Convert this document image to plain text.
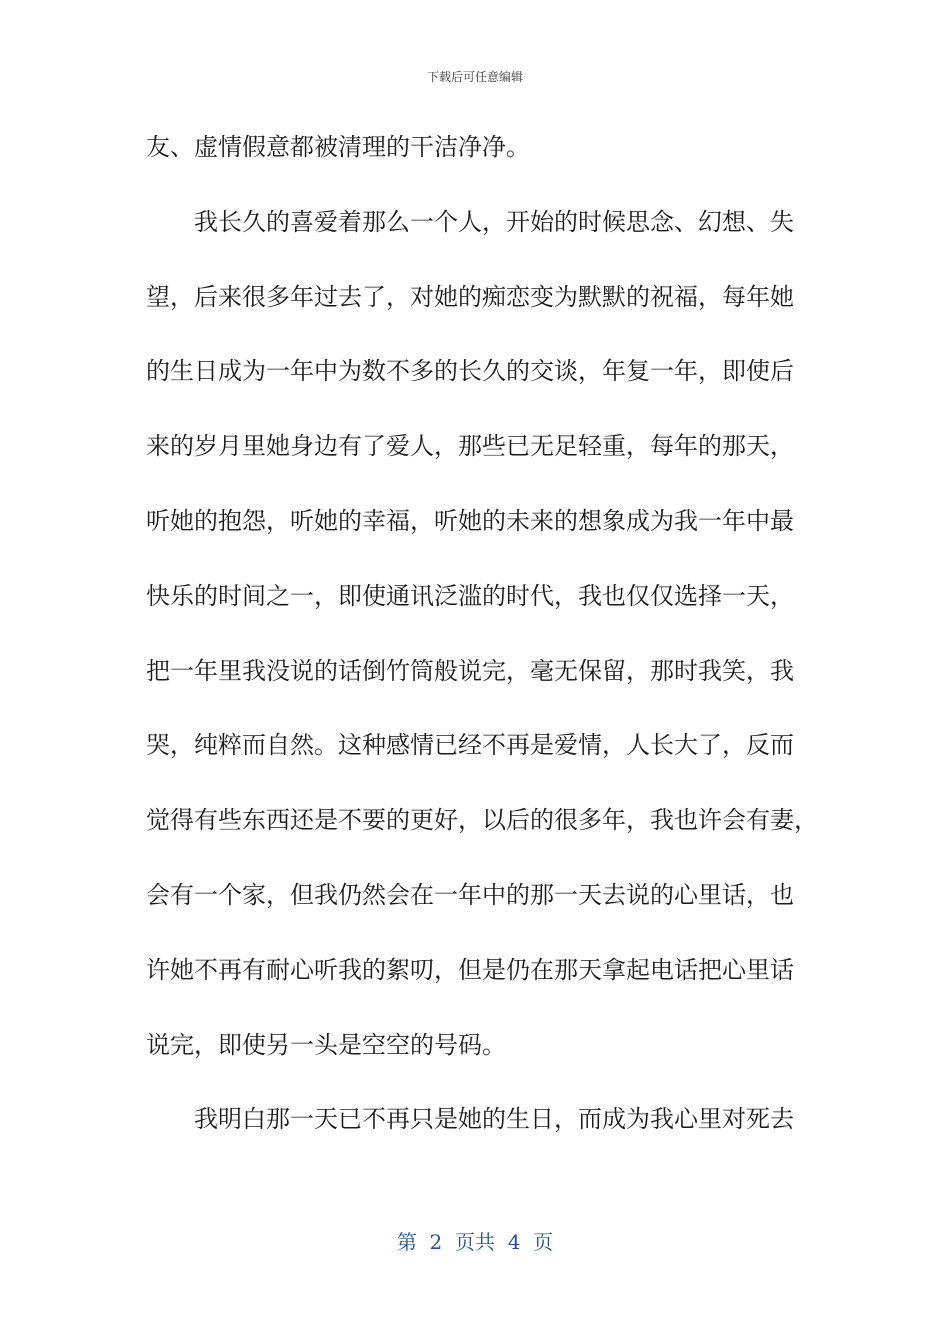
下载后可任意编辑
友、虚情假意都被清理的干洁净净。
我长久的喜爱着那么一个人，开始的时候思念、幻想、失
望，后来很多年过去了，对她的痴恋变为默默的祝福，每年她
的生日成为一年中为数不多的长久的交谈，年复一年，即使后
来的岁月里她身边有了爱人，那些已无足轻重，每年的那天，
听她的抱怨，听她的幸福，听她的未来的想象成为我一年中最
快乐的时间之一，即使通讯泛滥的时代，我也仅仅选择一天，
把一年里我没说的话倒竹筒般说完，毫无保留，那时我笑，我
哭，纯粹而自然。这种感情已经不再是爱情，人长大了，反而
觉得有些东西还是不要的更好，以后的很多年，我也许会有妻，
会有一个家，但我仍然会在一年中的那一天去说的心里话，也
许她不再有耐心听我的絮叨，但是仍在那天拿起电话把心里话
说完，即使另一头是空空的号码。
我明白那一天已不再只是她的生日，而成为我心里对死去
第  2  页共  4  页
